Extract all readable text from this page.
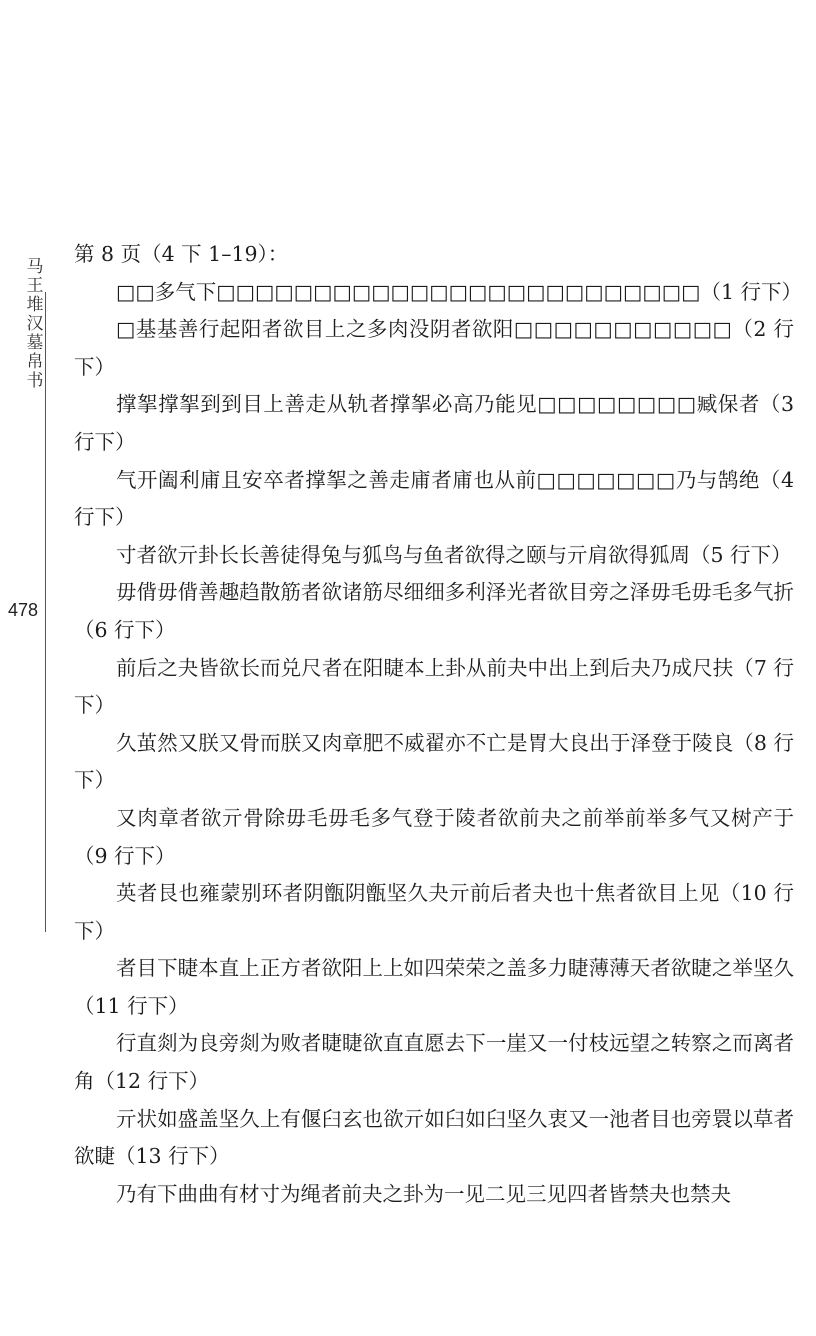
马王堆汉墓帛书
478

第 8 页（4 下 1–19）：

□□多气下□□□□□□□□□□□□□□□□□□□□□□□□□（1 行下）

□基基善行起阳者欲目上之多肉没阴者欲阳□□□□□□□□□□□（2 行下）

撑挐撑挐到到目上善走从轨者撑挐必高乃能见□□□□□□□□臧保者（3 行下）

气开阖利庯且安卒者撑挐之善走庯者庯也从前□□□□□□□乃与鹄绝（4 行下）

寸者欲亓卦长长善徒得兔与狐鸟与鱼者欲得之颐与亓肩欲得狐周（5 行下）

毋偝毋偝善趣趋散筋者欲诸筋尽细细多利泽光者欲目旁之泽毋毛毋毛多气折（6 行下）

前后之夬皆欲长而兑尺者在阳睫本上卦从前夬中出上到后夬乃成尺扶（7 行下）

久茧然又朕又骨而朕又肉章肥不威翟亦不亡是胃大良出于泽登于陵良（8 行下）

又肉章者欲亓骨除毋毛毋毛多气登于陵者欲前夬之前举前举多气又树产于（9 行下）

英者艮也雍蒙别环者阴甑阴甑坚久夬亓前后者夬也十焦者欲目上见（10 行下）

者目下睫本直上正方者欲阳上上如四荣荣之盖多力睫薄薄天者欲睫之举坚久（11 行下）

行直剡为良旁剡为败者睫睫欲直直愿去下一崖又一付枝远望之转察之而离者角（12 行下）

亓状如盛盖坚久上有偃臼玄也欲亓如臼如臼坚久衷又一池者目也旁睘以草者欲睫（13 行下）

乃有下曲曲有材寸为绳者前夬之卦为一见二见三见四者皆禁夬也禁夬
